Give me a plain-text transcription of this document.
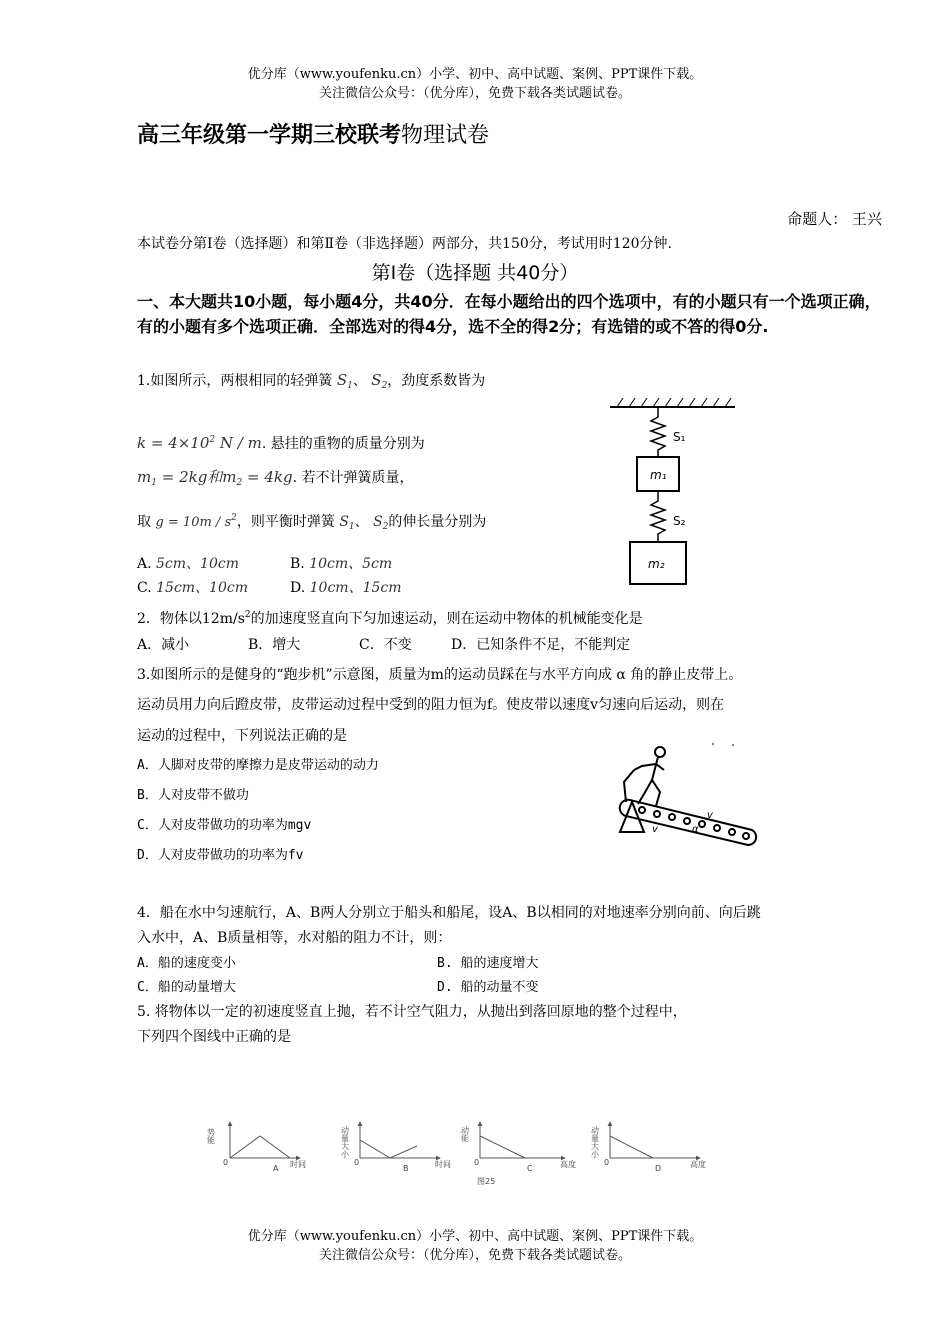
优分库（www.youfenku.cn）小学、初中、高中试题、案例、PPT课件下载。
关注微信公众号：（优分库），免费下载各类试题试卷。
高三年级第一学期三校联考物理试卷
命题人： 王兴
本试卷分第Ⅰ卷（选择题）和第Ⅱ卷（非选择题）两部分，共150分，考试用时120分钟.
第Ⅰ卷（选择题 共40分）
一、本大题共10小题，每小题4分，共40分．在每小题给出的四个选项中，有的小题只有一个选项正确，有的小题有多个选项正确．全部选对的得4分，选不全的得2分；有选错的或不答的得0分.
1.如图所示，两根相同的轻弹簧 $S_1$、 $S_2$，劲度系数皆为
$k = 4\times 10^2$ N / m. 悬挂的重物的质量分别为
$m_1 = 2kg$和$m_2 = 4kg$. 若不计弹簧质量，
取 $g = 10m / s^2$，则平衡时弹簧 $S_1$、 $S_2$的伸长量分别为
A. 5cm、10cm	B. 10cm、5cm
C. 15cm、10cm	D. 10cm、15cm
S₁
m₁
S₂
m₂
2．物体以$12m/s^2$的加速度竖直向下匀加速运动，则在运动中物体的机械能变化是
A．减小	B．增大	C．不变	D．已知条件不足，不能判定
3.如图所示的是健身的“跑步机”示意图，质量为m的运动员踩在与水平方向成 α 角的静止皮带上。
运动员用力向后蹬皮带，皮带运动过程中受到的阻力恒为f。使皮带以速度v匀速向后运动，则在
运动的过程中，下列说法正确的是
A．人脚对皮带的摩擦力是皮带运动的动力
B．人对皮带不做功
C．人对皮带做功的功率为mgv
D．人对皮带做功的功率为fv
v
v	α
4．船在水中匀速航行，A、B两人分别立于船头和船尾，设A、B以相同的对地速率分别向前、向后跳
入水中，A、B质量相等，水对船的阻力不计，则：
A．船的速度变小	B. 船的速度增大
C．船的动量增大	D. 船的动量不变
5. 将物体以一定的初速度竖直上抛，若不计空气阻力，从抛出到落回原地的整个过程中，
下列四个图线中正确的是
势能
0	时间
A
动量大小
0	时间
B
动能
0	高度
C
图25
动量大小
0	高度
D
优分库（www.youfenku.cn）小学、初中、高中试题、案例、PPT课件下载。
关注微信公众号：（优分库），免费下载各类试题试卷。
